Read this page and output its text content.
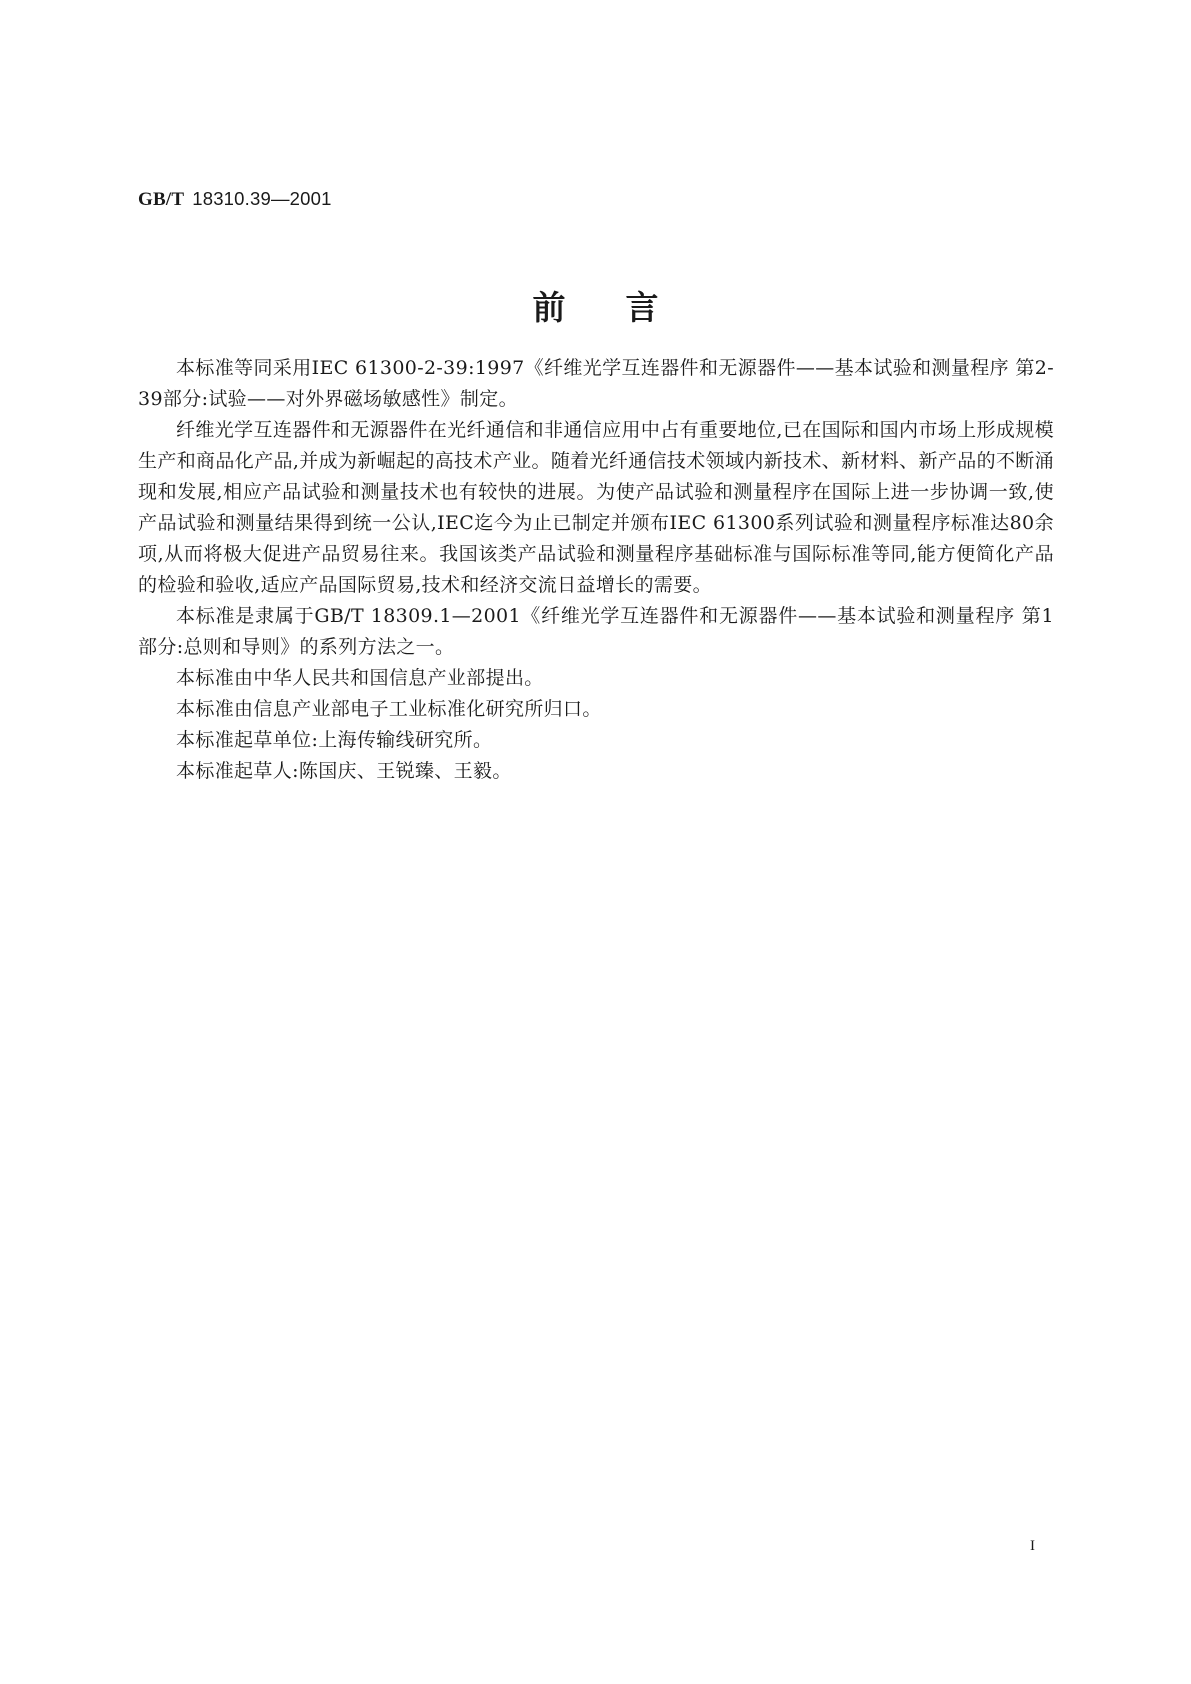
GB/T 18310.39—2001
前言

本标准等同采用IEC 61300-2-39:1997《纤维光学互连器件和无源器件——基本试验和测量程序 第2-39部分:试验——对外界磁场敏感性》制定。

纤维光学互连器件和无源器件在光纤通信和非通信应用中占有重要地位,已在国际和国内市场上形成规模生产和商品化产品,并成为新崛起的高技术产业。随着光纤通信技术领域内新技术、新材料、新产品的不断涌现和发展,相应产品试验和测量技术也有较快的进展。为使产品试验和测量程序在国际上进一步协调一致,使产品试验和测量结果得到统一公认,IEC迄今为止已制定并颁布IEC 61300系列试验和测量程序标准达80余项,从而将极大促进产品贸易往来。我国该类产品试验和测量程序基础标准与国际标准等同,能方便简化产品的检验和验收,适应产品国际贸易,技术和经济交流日益增长的需要。

本标准是隶属于GB/T 18309.1—2001《纤维光学互连器件和无源器件——基本试验和测量程序 第1部分:总则和导则》的系列方法之一。

本标准由中华人民共和国信息产业部提出。

本标准由信息产业部电子工业标准化研究所归口。

本标准起草单位:上海传输线研究所。

本标准起草人:陈国庆、王锐臻、王毅。

I
